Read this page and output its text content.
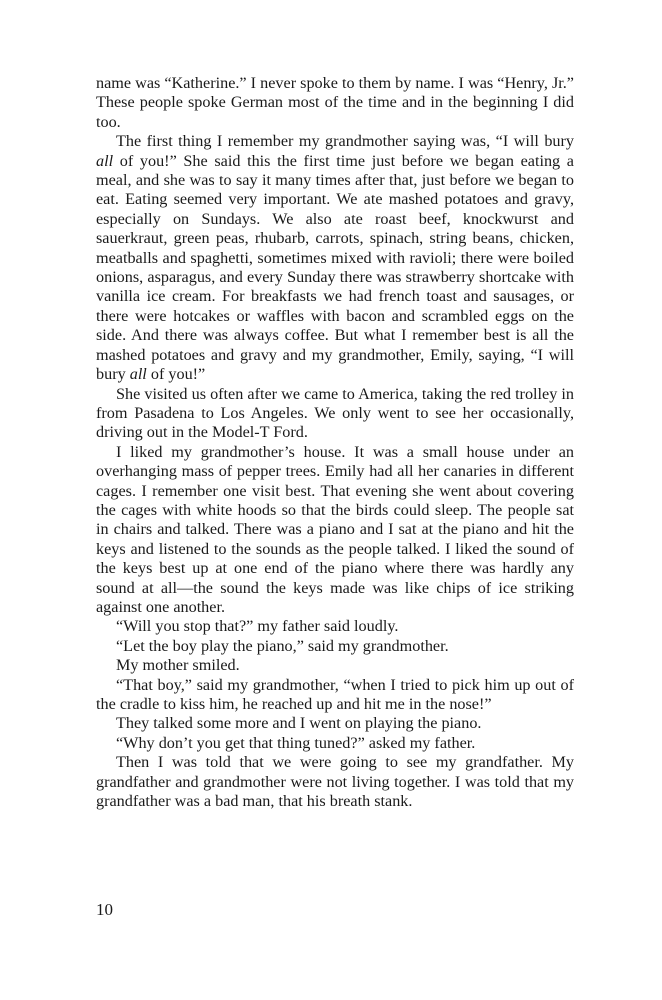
name was “Katherine.” I never spoke to them by name. I was “Henry, Jr.” These people spoke German most of the time and in the beginning I did too.

The first thing I remember my grandmother saying was, “I will bury all of you!” She said this the first time just before we began eating a meal, and she was to say it many times after that, just before we began to eat. Eating seemed very important. We ate mashed potatoes and gravy, especially on Sundays. We also ate roast beef, knockwurst and sauerkraut, green peas, rhubarb, carrots, spinach, string beans, chicken, meatballs and spaghetti, sometimes mixed with ravioli; there were boiled onions, asparagus, and every Sunday there was strawberry shortcake with vanilla ice cream. For breakfasts we had french toast and sausages, or there were hotcakes or waffles with bacon and scrambled eggs on the side. And there was always coffee. But what I remember best is all the mashed potatoes and gravy and my grandmother, Emily, saying, “I will bury all of you!”

She visited us often after we came to America, taking the red trolley in from Pasadena to Los Angeles. We only went to see her occasionally, driving out in the Model-T Ford.

I liked my grandmother’s house. It was a small house under an overhanging mass of pepper trees. Emily had all her canaries in different cages. I remember one visit best. That evening she went about covering the cages with white hoods so that the birds could sleep. The people sat in chairs and talked. There was a piano and I sat at the piano and hit the keys and listened to the sounds as the people talked. I liked the sound of the keys best up at one end of the piano where there was hardly any sound at all—the sound the keys made was like chips of ice striking against one another.

“Will you stop that?” my father said loudly.

“Let the boy play the piano,” said my grandmother.

My mother smiled.

“That boy,” said my grandmother, “when I tried to pick him up out of the cradle to kiss him, he reached up and hit me in the nose!”

They talked some more and I went on playing the piano.

“Why don’t you get that thing tuned?” asked my father.

Then I was told that we were going to see my grandfather. My grandfather and grandmother were not living together. I was told that my grandfather was a bad man, that his breath stank.

10
